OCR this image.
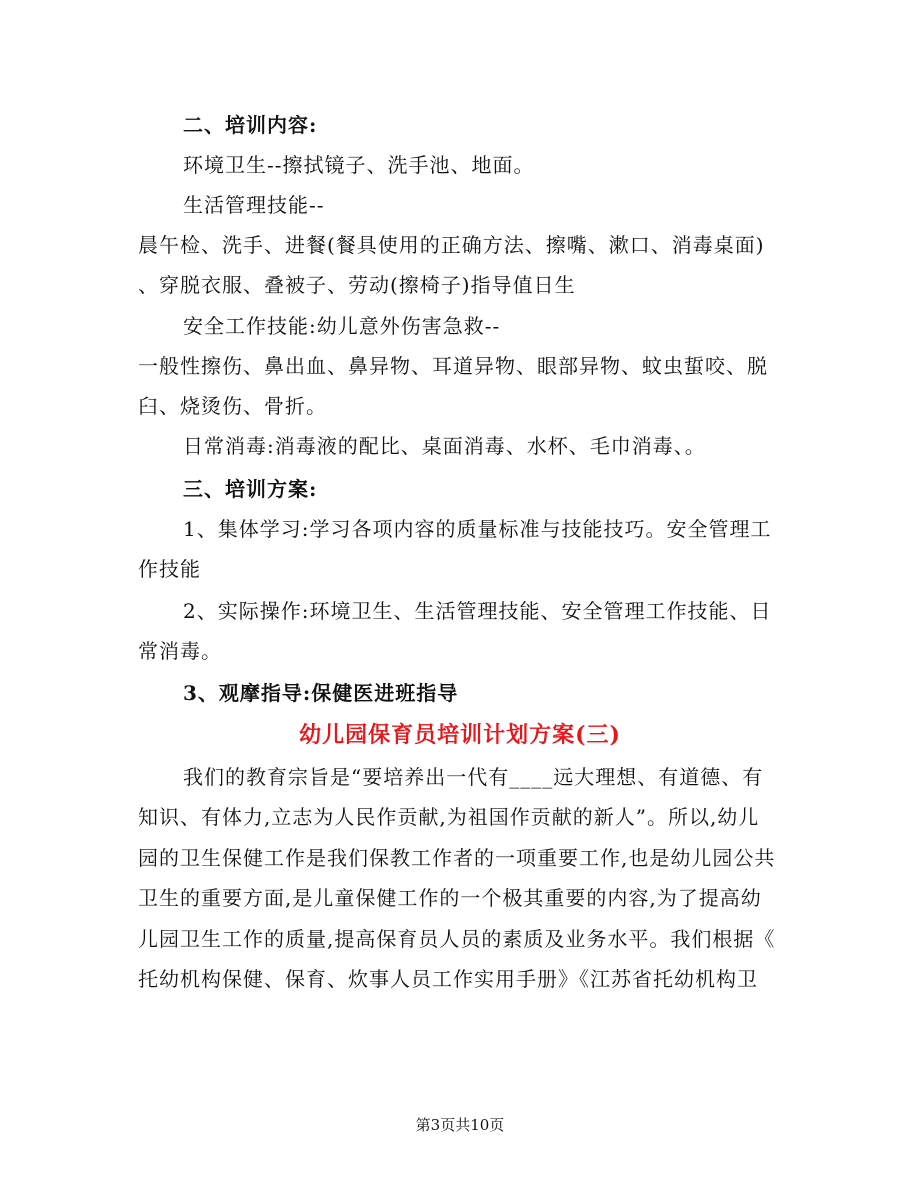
二、培训内容:
环境卫生--擦拭镜子、洗手池、地面。
生活管理技能--
晨午检、洗手、进餐(餐具使用的正确方法、擦嘴、漱口、消毒桌面)
、穿脱衣服、叠被子、劳动(擦椅子)指导值日生
安全工作技能:幼儿意外伤害急救--
一般性擦伤、鼻出血、鼻异物、耳道异物、眼部异物、蚊虫蜇咬、脱
臼、烧烫伤、骨折。
日常消毒:消毒液的配比、桌面消毒、水杯、毛巾消毒、。
三、培训方案:
1、集体学习:学习各项内容的质量标准与技能技巧。安全管理工
作技能
2、实际操作:环境卫生、生活管理技能、安全管理工作技能、日
常消毒。
3、观摩指导:保健医进班指导
幼儿园保育员培训计划方案(三)
我们的教育宗旨是“要培养出一代有____远大理想、有道德、有
知识、有体力,立志为人民作贡献,为祖国作贡献的新人”。所以,幼儿
园的卫生保健工作是我们保教工作者的一项重要工作,也是幼儿园公共
卫生的重要方面,是儿童保健工作的一个极其重要的内容,为了提高幼
儿园卫生工作的质量,提高保育员人员的素质及业务水平。我们根据《
托幼机构保健、保育、炊事人员工作实用手册》《江苏省托幼机构卫
第3页共10页
